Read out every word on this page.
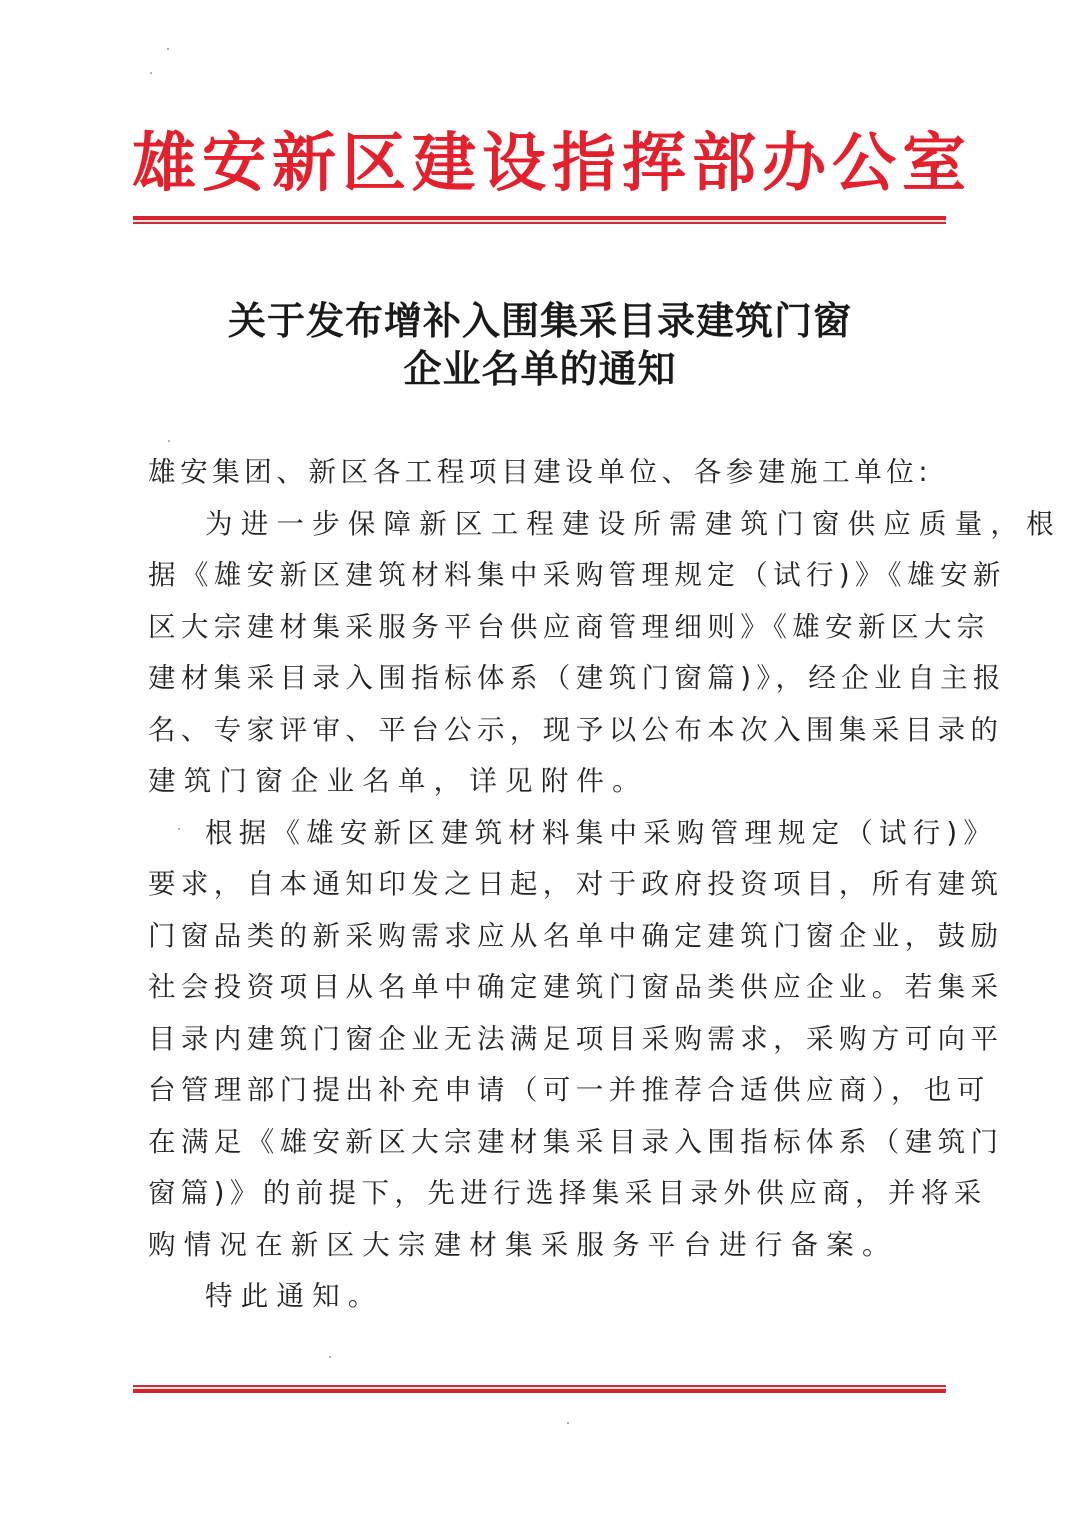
雄安新区建设指挥部办公室
关于发布增补入围集采目录建筑门窗
企业名单的通知
雄安集团、新区各工程项目建设单位、各参建施工单位:
为进一步保障新区工程建设所需建筑门窗供应质量，根
据《雄安新区建筑材料集中采购管理规定（试行)》《雄安新
区大宗建材集采服务平台供应商管理细则》《雄安新区大宗
建材集采目录入围指标体系（建筑门窗篇)》，经企业自主报
名、专家评审、平台公示，现予以公布本次入围集采目录的
建筑门窗企业名单，详见附件。
根据《雄安新区建筑材料集中采购管理规定（试行)》
要求，自本通知印发之日起，对于政府投资项目，所有建筑
门窗品类的新采购需求应从名单中确定建筑门窗企业，鼓励
社会投资项目从名单中确定建筑门窗品类供应企业。若集采
目录内建筑门窗企业无法满足项目采购需求，采购方可向平
台管理部门提出补充申请（可一并推荐合适供应商），也可
在满足《雄安新区大宗建材集采目录入围指标体系（建筑门
窗篇)》的前提下，先进行选择集采目录外供应商，并将采
购情况在新区大宗建材集采服务平台进行备案。
特此通知。
